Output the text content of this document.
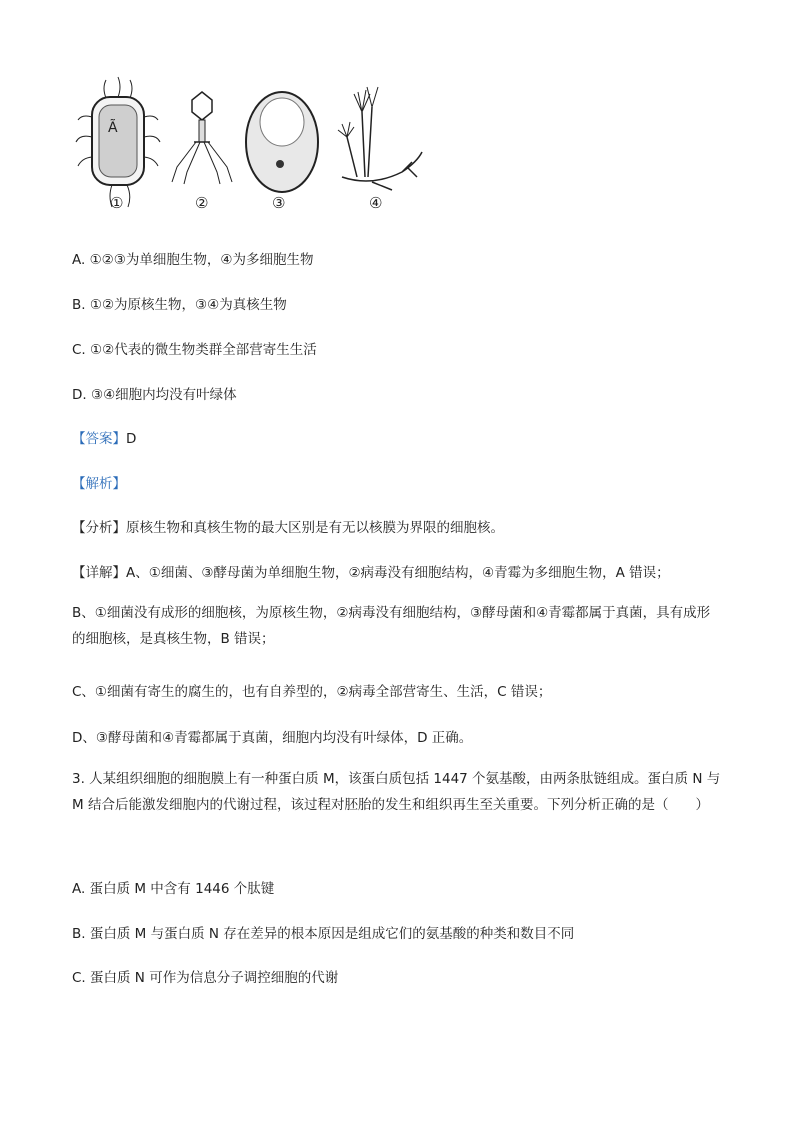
Ã
①	②	③	④
A. ①②③为单细胞生物，④为多细胞生物
B. ①②为原核生物，③④为真核生物
C. ①②代表的微生物类群全部营寄生生活
D. ③④细胞内均没有叶绿体
【答案】D
【解析】
【分析】原核生物和真核生物的最大区别是有无以核膜为界限的细胞核。
【详解】A、①细菌、③酵母菌为单细胞生物，②病毒没有细胞结构，④青霉为多细胞生物，A 错误；
B、①细菌没有成形的细胞核，为原核生物，②病毒没有细胞结构，③酵母菌和④青霉都属于真菌，具有成形的细胞核，是真核生物，B 错误；
C、①细菌有寄生的腐生的，也有自养型的，②病毒全部营寄生、生活，C 错误；
D、③酵母菌和④青霉都属于真菌，细胞内均没有叶绿体，D 正确。
3. 人某组织细胞的细胞膜上有一种蛋白质 M，该蛋白质包括 1447 个氨基酸，由两条肽链组成。蛋白质 N 与 M 结合后能激发细胞内的代谢过程，该过程对胚胎的发生和组织再生至关重要。下列分析正确的是（　　）
A. 蛋白质 M 中含有 1446 个肽键
B. 蛋白质 M 与蛋白质 N 存在差异的根本原因是组成它们的氨基酸的种类和数目不同
C. 蛋白质 N 可作为信息分子调控细胞的代谢
